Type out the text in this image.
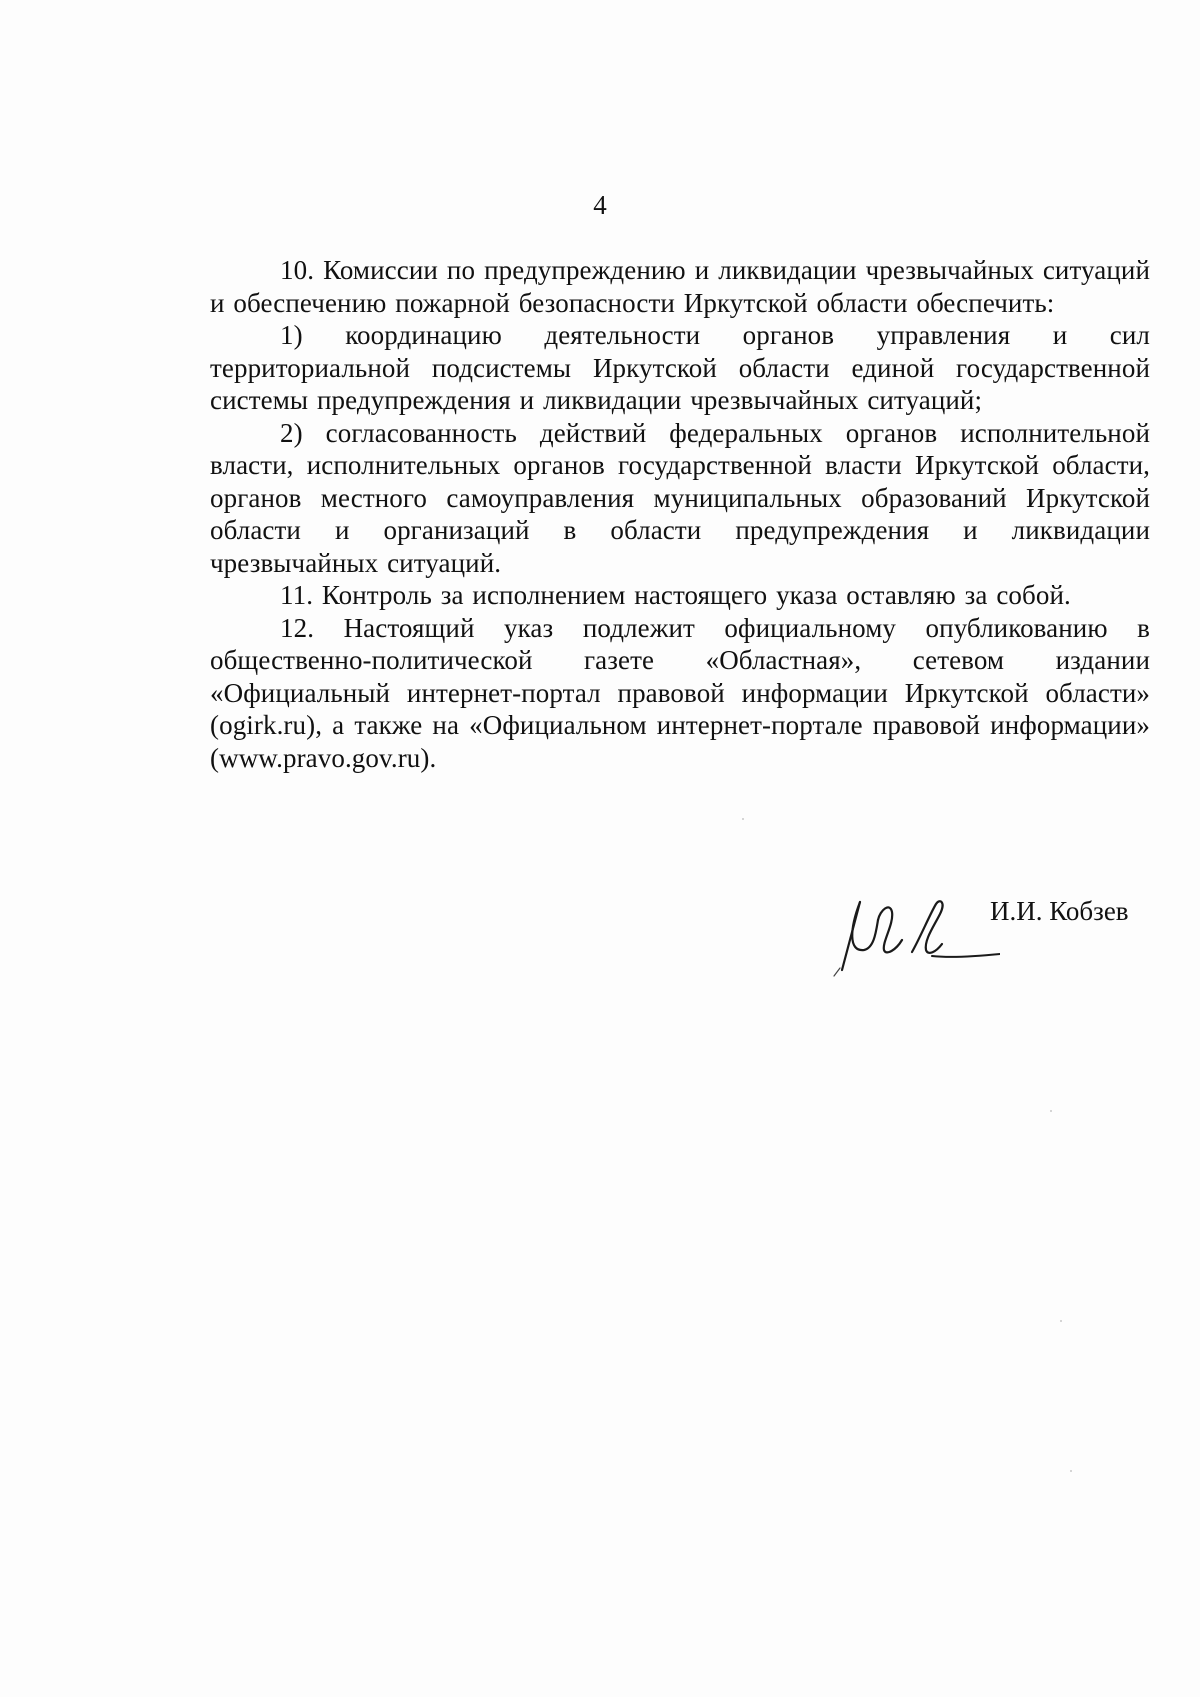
4

10. Комиссии по предупреждению и ликвидации чрезвычайных ситуаций и обеспечению пожарной безопасности Иркутской области обеспечить:

1) координацию деятельности органов управления и сил территориальной подсистемы Иркутской области единой государственной системы предупреждения и ликвидации чрезвычайных ситуаций;

2) согласованность действий федеральных органов исполнительной власти, исполнительных органов государственной власти Иркутской области, органов местного самоуправления муниципальных образований Иркутской области и организаций в области предупреждения и ликвидации чрезвычайных ситуаций.

11. Контроль за исполнением настоящего указа оставляю за собой.

12. Настоящий указ подлежит официальному опубликованию в общественно-политической газете «Областная», сетевом издании «Официальный интернет-портал правовой информации Иркутской области» (ogirk.ru), а также на «Официальном интернет-портале правовой информации» (www.pravo.gov.ru).

И.И. Кобзев
